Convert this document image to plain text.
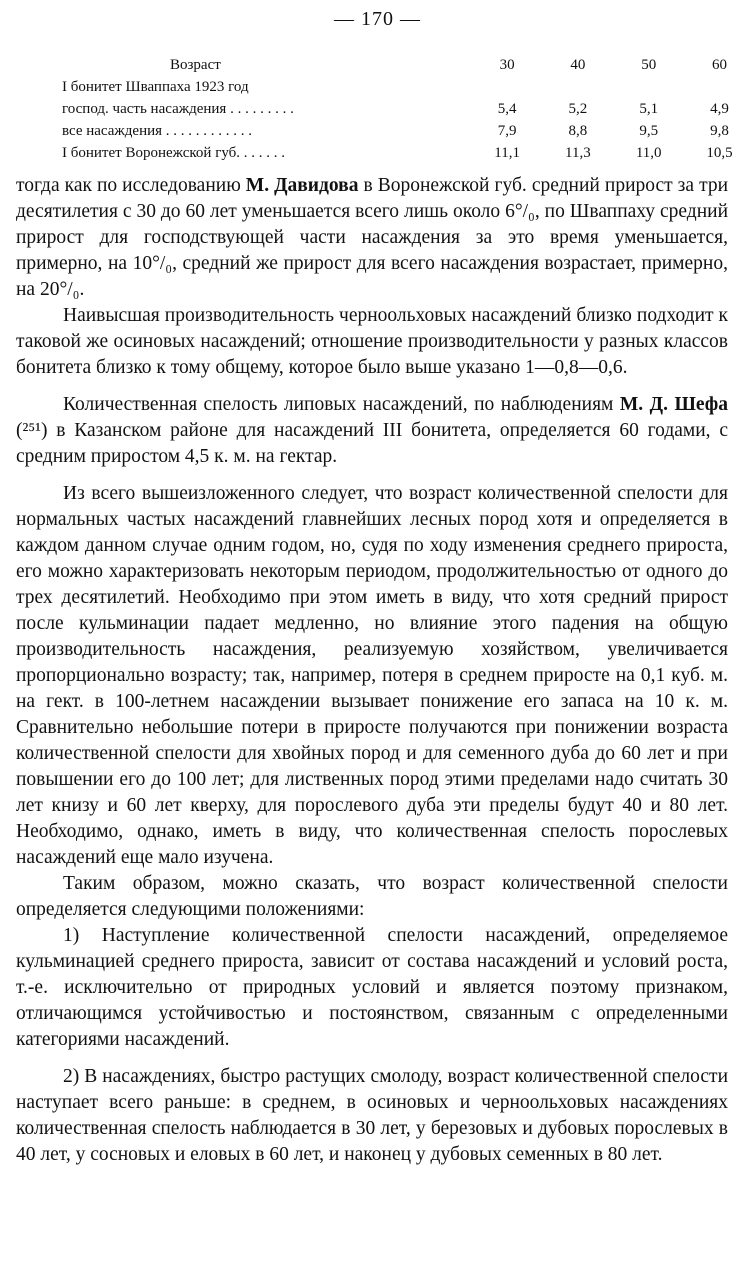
— 170 —
Возраст	30	40	50	60
I бонитет Шваппаха 1923 год				
господ. часть насаждения . . . . . . . . .	5,4	5,2	5,1	4,9
все насаждения . . . . . . . . . . . .	7,9	8,8	9,5	9,8
I бонитет Воронежской губ. . . . . . .	11,1	11,3	11,0	10,5

тогда как по исследованию М. Давидова в Воронежской губ. средний прирост за три десятилетия с 30 до 60 лет уменьшается всего лишь около 6°/₀, по Шваппаху средний прирост для господствующей части насаждения за это время уменьшается, примерно, на 10°/₀, средний же прирост для всего насаждения возрастает, примерно, на 20°/₀.

Наивысшая производительность черноольховых насаждений близко подходит к таковой же осиновых насаждений; отношение производительности у разных классов бонитета близко к тому общему, которое было выше указано 1—0,8—0,6.

Количественная спелость липовых насаждений, по наблюдениям М. Д. Шефа (²⁵¹) в Казанском районе для насаждений III бонитета, определяется 60 годами, с средним приростом 4,5 к. м. на гектар.

Из всего вышеизложенного следует, что возраст количественной спелости для нормальных частых насаждений главнейших лесных пород хотя и определяется в каждом данном случае одним годом, но, судя по ходу изменения среднего прироста, его можно характеризовать некоторым периодом, продолжительностью от одного до трех десятилетий. Необходимо при этом иметь в виду, что хотя средний прирост после кульминации падает медленно, но влияние этого падения на общую производительность насаждения, реализуемую хозяйством, увеличивается пропорционально возрасту; так, например, потеря в среднем приросте на 0,1 куб. м. на гект. в 100-летнем насаждении вызывает понижение его запаса на 10 к. м. Сравнительно небольшие потери в приросте получаются при понижении возраста количественной спелости для хвойных пород и для семенного дуба до 60 лет и при повышении его до 100 лет; для лиственных пород этими пределами надо считать 30 лет книзу и 60 лет кверху, для порослевого дуба эти пределы будут 40 и 80 лет. Необходимо, однако, иметь в виду, что количественная спелость порослевых насаждений еще мало изучена.

Таким образом, можно сказать, что возраст количественной спелости определяется следующими положениями:

1) Наступление количественной спелости насаждений, определяемое кульминацией среднего прироста, зависит от состава насаждений и условий роста, т.-е. исключительно от природных условий и является поэтому признаком, отличающимся устойчивостью и постоянством, связанным с определенными категориями насаждений.

2) В насаждениях, быстро растущих смолоду, возраст количественной спелости наступает всего раньше: в среднем, в осиновых и черноольховых насаждениях количественная спелость наблюдается в 30 лет, у березовых и дубовых порослевых в 40 лет, у сосновых и еловых в 60 лет, и наконец у дубовых семенных в 80 лет.
